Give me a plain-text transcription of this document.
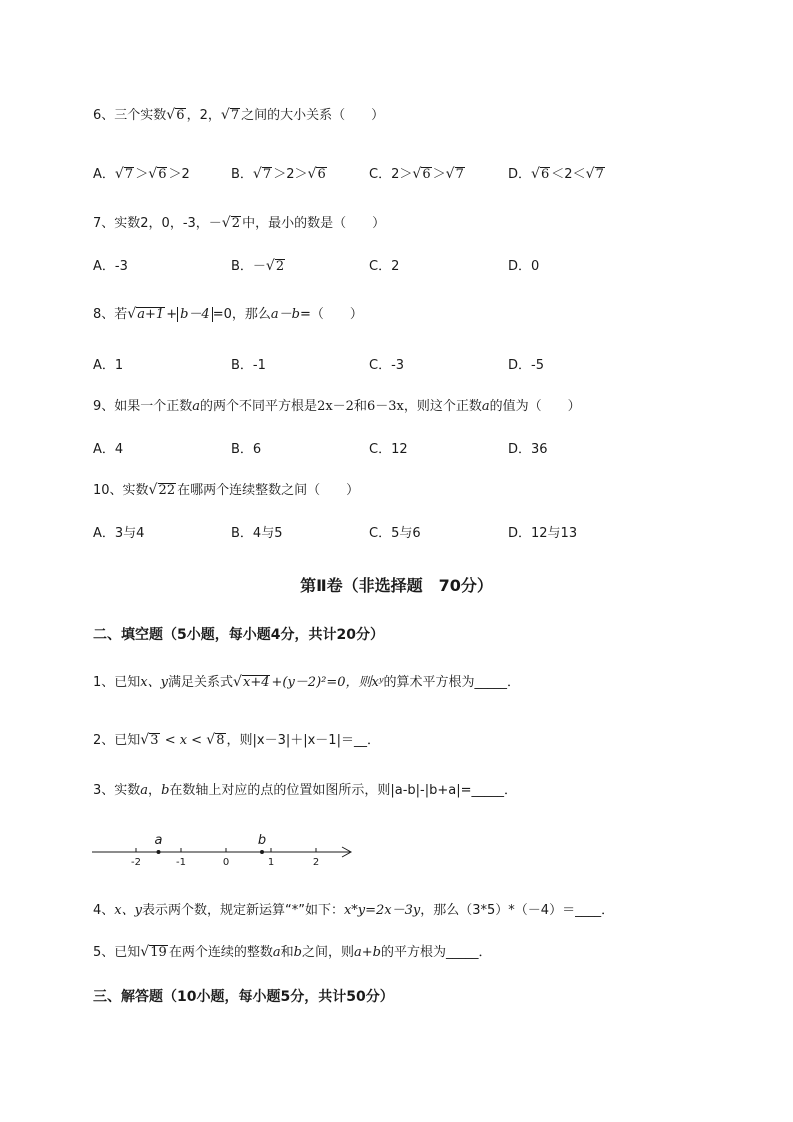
6、三个实数 √ 6 ，2， √ 7 之间的大小关系（　　）
A． √ 7 ＞ √ 6 ＞2	B． √ 7 ＞2＞ √ 6	C．2＞ √ 6 ＞ √ 7	D． √ 6 ＜2＜ √ 7
7、实数2，0，-3，－ √ 2 中，最小的数是（　　）
A．-3	B．－ √ 2	C．2	D．0
8、若 √ a+1 + b－4 =0，那么a－b=（　　）
A．1	B．-1	C．-3	D．-5
9、如果一个正数a的两个不同平方根是2x－2和6－3x，则这个正数a的值为（　　）
A．4	B．6	C．12	D．36
10、实数 √ 22 在哪两个连续整数之间（　　）
A．3与4	B．4与5	C．5与6	D．12与13
第Ⅱ卷（非选择题　70分）
二、填空题（5小题，每小题4分，共计20分）
1、已知x、y满足关系式 √ x+4 +(y－2)²=0，则xʸ的算术平方根为_____．
2、已知 √ 3 < x < √ 8 ，则|x－3|＋|x－1|＝__．
3、实数a，b在数轴上对应的点的位置如图所示，则|a-b|-|b+a|=_____．
-2	-1	0	1	2
a	b
4、x、y表示两个数，规定新运算“*”如下：x*y=2x－3y，那么（3*5）*（－4）＝____．
5、已知 √ 19 在两个连续的整数a和b之间，则a+b的平方根为_____．
三、解答题（10小题，每小题5分，共计50分）
